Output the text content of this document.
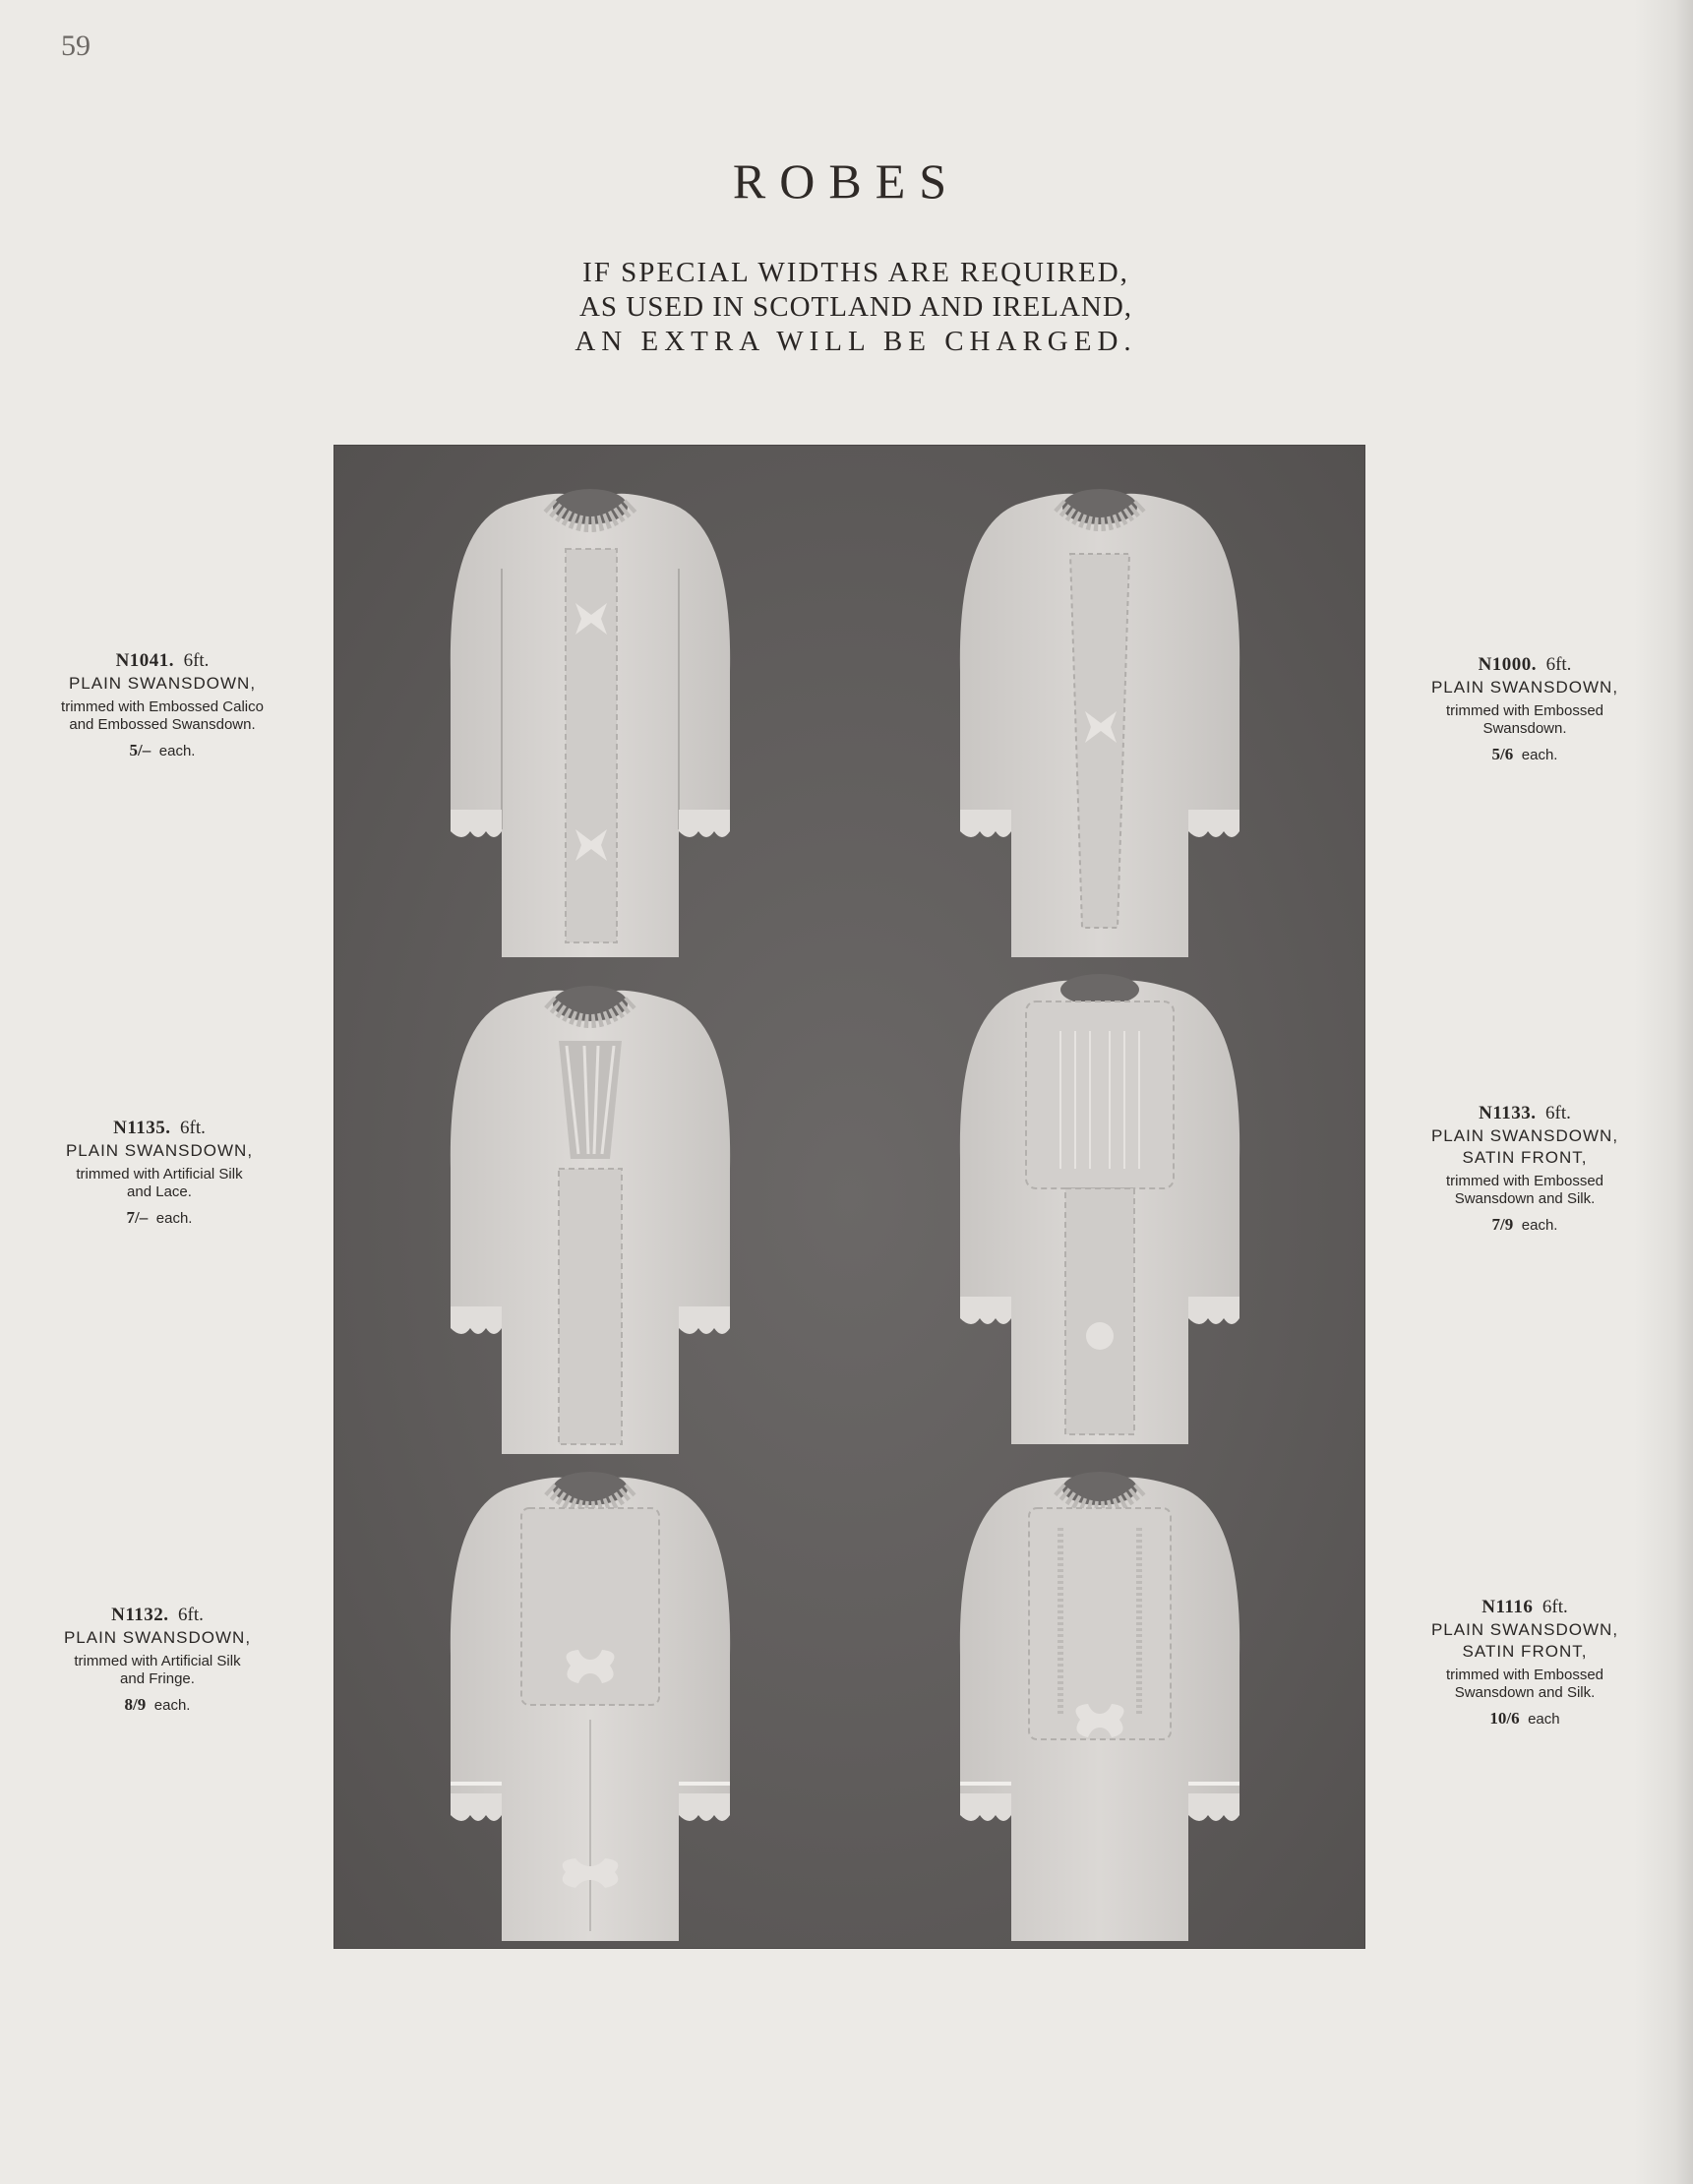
59
ROBES
IF SPECIAL WIDTHS ARE REQUIRED,
AS USED IN SCOTLAND AND IRELAND,
AN EXTRA WILL BE CHARGED.
N1041. 6ft.
PLAIN SWANSDOWN,
trimmed with Embossed Calico
and Embossed Swansdown.
5/– each.
N1000. 6ft.
PLAIN SWANSDOWN,
trimmed with Embossed
Swansdown.
5/6 each.
N1135. 6ft.
PLAIN SWANSDOWN,
trimmed with Artificial Silk
and Lace.
7/– each.
N1133. 6ft.
PLAIN SWANSDOWN,
SATIN FRONT,
trimmed with Embossed
Swansdown and Silk.
7/9 each.
N1132. 6ft.
PLAIN SWANSDOWN,
trimmed with Artificial Silk
and Fringe.
8/9 each.
N1116 6ft.
PLAIN SWANSDOWN,
SATIN FRONT,
trimmed with Embossed
Swansdown and Silk.
10/6 each
